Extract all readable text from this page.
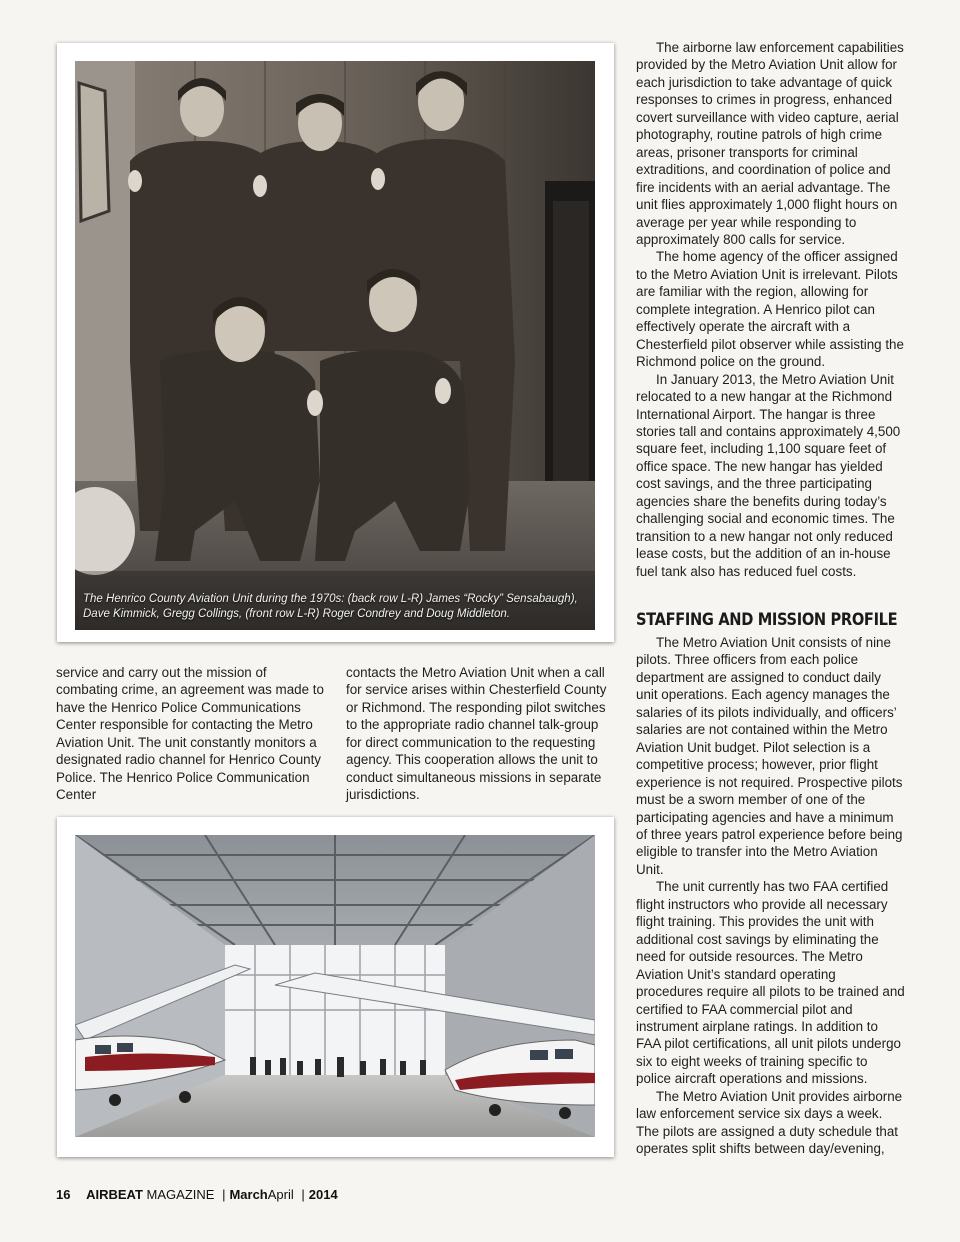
The Henrico County Aviation Unit during the 1970s: (back row L-R) James “Rocky” Sensabaugh), Dave Kimmick, Gregg Collings, (front row L-R) Roger Condrey and Doug Middleton.

service and carry out the mission of combating crime, an agreement was made to have the Henrico Police Communications Center responsible for contacting the Metro Aviation Unit. The unit constantly monitors a designated radio channel for Henrico County Police. The Henrico Police Communication Center

contacts the Metro Aviation Unit when a call for service arises within Chesterfield County or Richmond. The responding pilot switches to the appropriate radio channel talk-group for direct communication to the requesting agency. This cooperation allows the unit to conduct simultaneous missions in separate jurisdictions.

The airborne law enforcement capabilities provided by the Metro Aviation Unit allow for each jurisdiction to take advantage of quick responses to crimes in progress, enhanced covert surveillance with video capture, aerial photography, routine patrols of high crime areas, prisoner transports for criminal extraditions, and coordination of police and fire incidents with an aerial advantage. The unit flies approximately 1,000 flight hours on average per year while responding to approximately 800 calls for service.

The home agency of the officer assigned to the Metro Aviation Unit is irrelevant. Pilots are familiar with the region, allowing for complete integration. A Henrico pilot can effectively operate the aircraft with a Chesterfield pilot observer while assisting the Richmond police on the ground.

In January 2013, the Metro Aviation Unit relocated to a new hangar at the Richmond International Airport. The hangar is three stories tall and contains approximately 4,500 square feet, including 1,100 square feet of office space. The new hangar has yielded cost savings, and the three participating agencies share the benefits during today’s challenging social and economic times. The transition to a new hangar not only reduced lease costs, but the addition of an in-house fuel tank also has reduced fuel costs.

STAFFING AND MISSION PROFILE

The Metro Aviation Unit consists of nine pilots. Three officers from each police department are assigned to conduct daily unit operations. Each agency manages the salaries of its pilots individually, and officers’ salaries are not contained within the Metro Aviation Unit budget. Pilot selection is a competitive process; however, prior flight experience is not required. Prospective pilots must be a sworn member of one of the participating agencies and have a minimum of three years patrol experience before being eligible to transfer into the Metro Aviation Unit.

The unit currently has two FAA certified flight instructors who provide all necessary flight training. This provides the unit with additional cost savings by eliminating the need for outside resources. The Metro Aviation Unit’s standard operating procedures require all pilots to be trained and certified to FAA commercial pilot and instrument airplane ratings. In addition to FAA pilot certifications, all unit pilots undergo six to eight weeks of training specific to police aircraft operations and missions.

The Metro Aviation Unit provides airborne law enforcement service six days a week. The pilots are assigned a duty schedule that operates split shifts between day/evening,

16 AIRBEAT MAGAZINE | MarchApril | 2014
